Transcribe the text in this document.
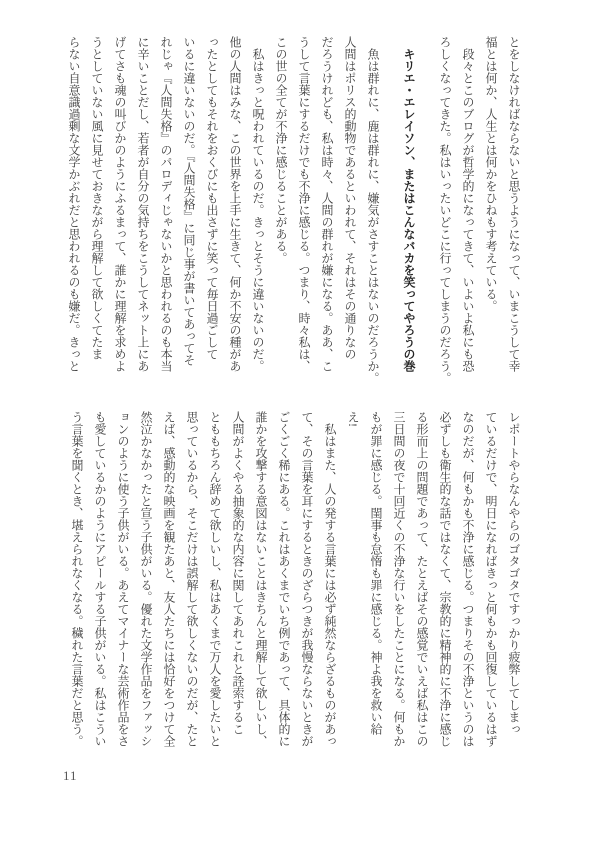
とをしなければならないと思うようになって、いまこうして幸

福とは何か、人生とは何かをひねもす考えている。

　段々とこのブログが哲学的になってきて、いよいよ私にも恐

ろしくなってきた。私はいったいどこに行ってしまうのだろう。

　キリエ・エレイソン、またはこんなバカを笑ってやろうの巻

　魚は群れに、鹿は群れに、嫌気がさすことはないのだろうか。

人間はポリス的動物であるといわれて、それはその通りなの

だろうけれども、私は時々、人間の群れが嫌になる。ああ、こ

うして言葉にするだけでも不浄に感じる。つまり、時々私は、

この世の全てが不浄に感じることがある。

　私はきっと呪われているのだ。きっとそうに違いないのだ。

他の人間はみな、この世界を上手に生きて、何か不安の種があ

ったとしてもそれをおくびにも出さずに笑って毎日過ごして

いるに違いないのだ。『人間失格』に同じ事が書いてあってそ

れじゃ『人間失格』のパロディじゃないかと思われるのも本当

に辛いことだし、若者が自分の気持ちをこうしてネット上にあ

げてさも魂の叫びかのようにふるまって、誰かに理解を求めよ

うとしていない風に見せておきながら理解して欲しくてたま

らない自意識過剰な文学かぶれだと思われるのも嫌だ。きっと

レポートやらなんやらのゴタゴタですっかり疲弊してしまっ

ているだけで、明日になればきっと何もかも回復しているはず

なのだが、何もかも不浄に感じる。つまりその不浄というのは

必ずしも衛生的な話ではなくて、宗教的に精神的に不浄に感じ

る形而上の問題であって、たとえばその感覚でいえば私はこの

三日間の夜で十回近くの不浄な行いをしたことになる。何もか

もが罪に感じる。閨事も怠惰も罪に感じる。神よ我を救い給

え!

　私はまた、人の発する言葉には必ず純然ならざるものがあっ

て、その言葉を耳にするときのざらつきが我慢ならないときが

ごくごく稀にある。これはあくまでいち例であって、具体的に

誰かを攻撃する意図はないことはきちんと理解して欲しいし、

人間がよくやる抽象的な内容に関してあれこれと詮索するこ

とももちろん辞めて欲しいし、私はあくまで万人を愛したいと

思っているから、そこだけは誤解して欲しくないのだが、たと

えば、感動的な映画を観たあと、友人たちには恰好をつけて全

然泣かなかったと宣う子供がいる。優れた文学作品をファッシ

ョンのように使う子供がいる。あえてマイナーな芸術作品をさ

も愛しているかのようにアピールする子供がいる。私はこうい

う言葉を聞くとき、堪えられなくなる。穢れた言葉だと思う。

11
